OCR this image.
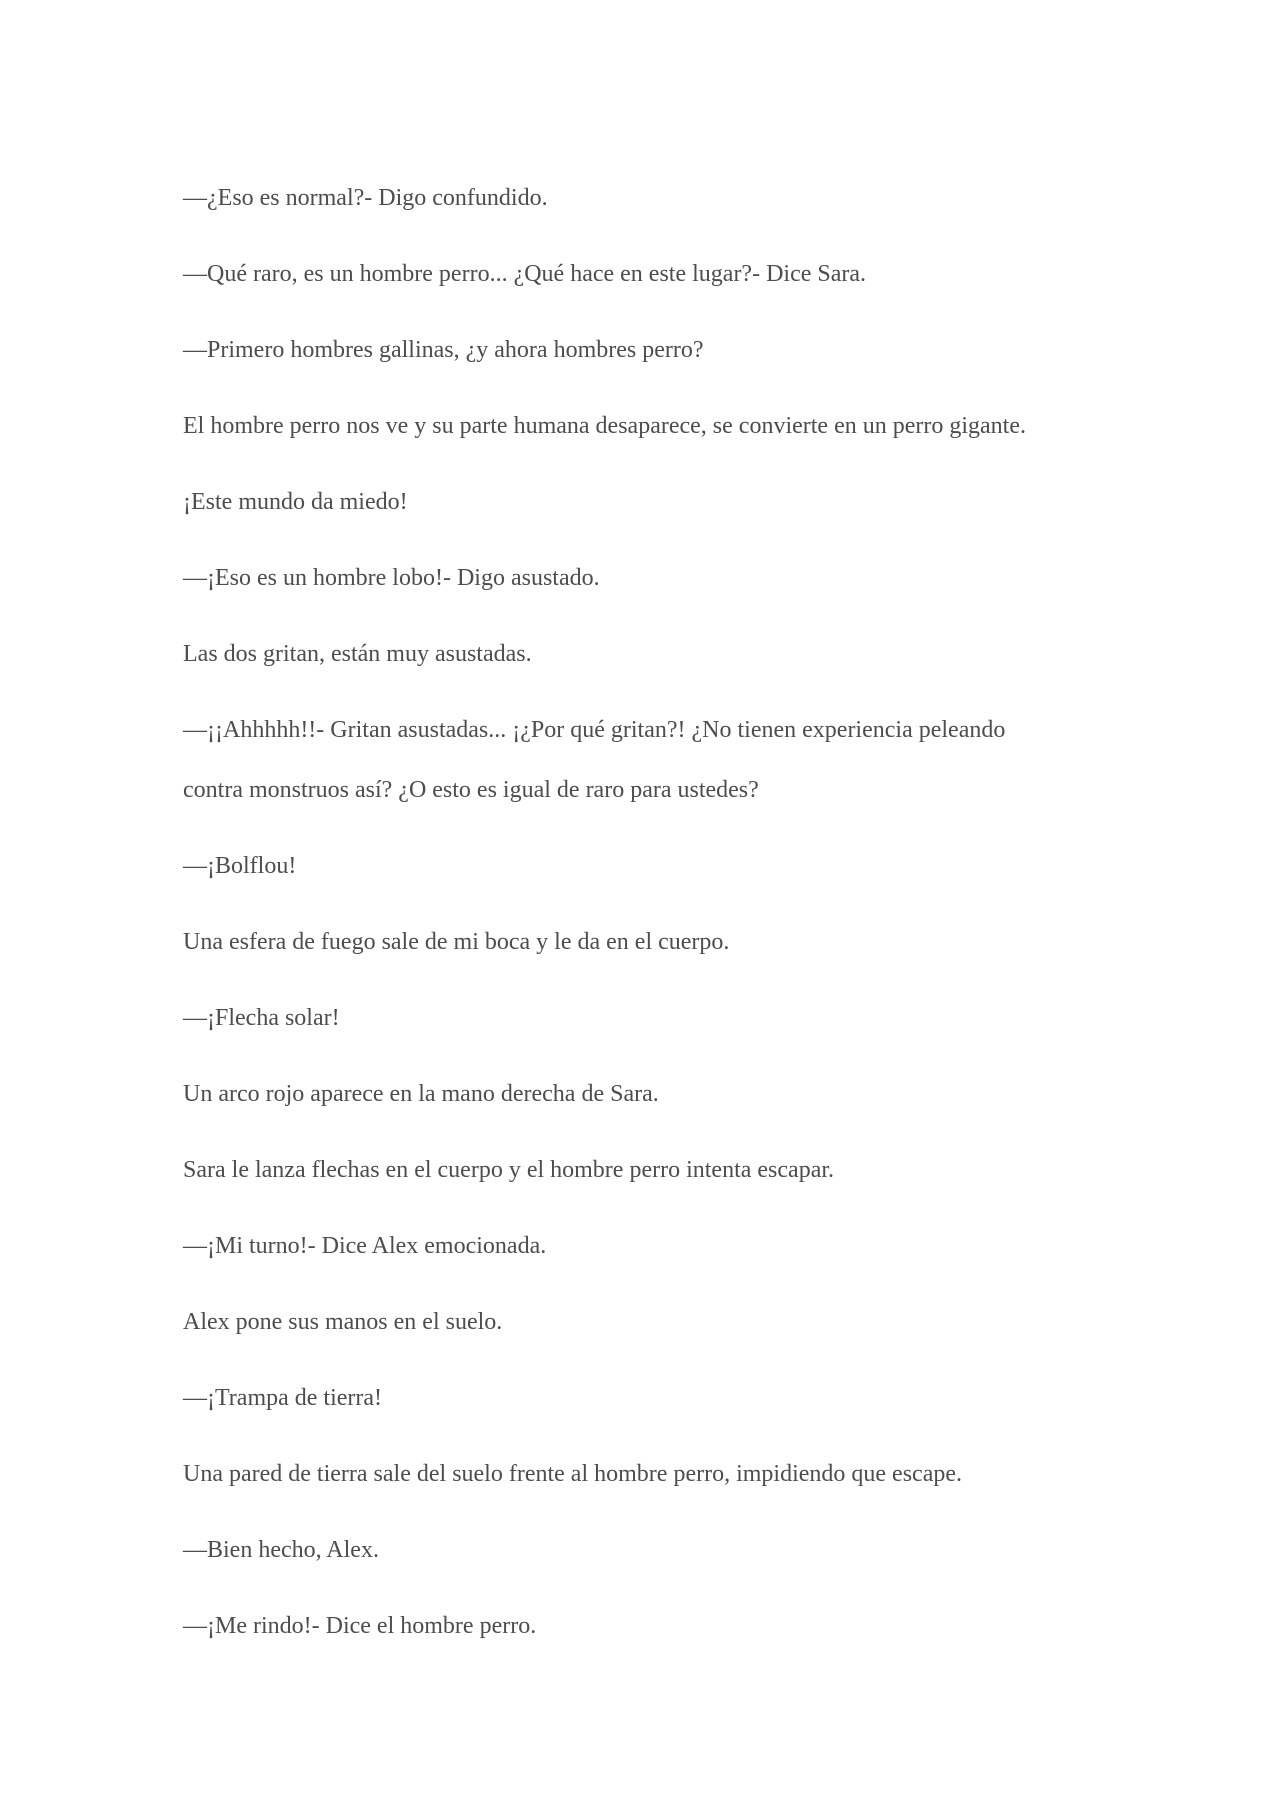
—¿Eso es normal?- Digo confundido.

—Qué raro, es un hombre perro... ¿Qué hace en este lugar?- Dice Sara.

—Primero hombres gallinas, ¿y ahora hombres perro?

El hombre perro nos ve y su parte humana desaparece, se convierte en un perro gigante.

¡Este mundo da miedo!

—¡Eso es un hombre lobo!- Digo asustado.

Las dos gritan, están muy asustadas.

—¡¡Ahhhhh!!- Gritan asustadas... ¡¿Por qué gritan?! ¿No tienen experiencia peleando

contra monstruos así? ¿O esto es igual de raro para ustedes?

—¡Bolflou!

Una esfera de fuego sale de mi boca y le da en el cuerpo.

—¡Flecha solar!

Un arco rojo aparece en la mano derecha de Sara.

Sara le lanza flechas en el cuerpo y el hombre perro intenta escapar.

—¡Mi turno!- Dice Alex emocionada.

Alex pone sus manos en el suelo.

—¡Trampa de tierra!

Una pared de tierra sale del suelo frente al hombre perro, impidiendo que escape.

—Bien hecho, Alex.

—¡Me rindo!- Dice el hombre perro.
